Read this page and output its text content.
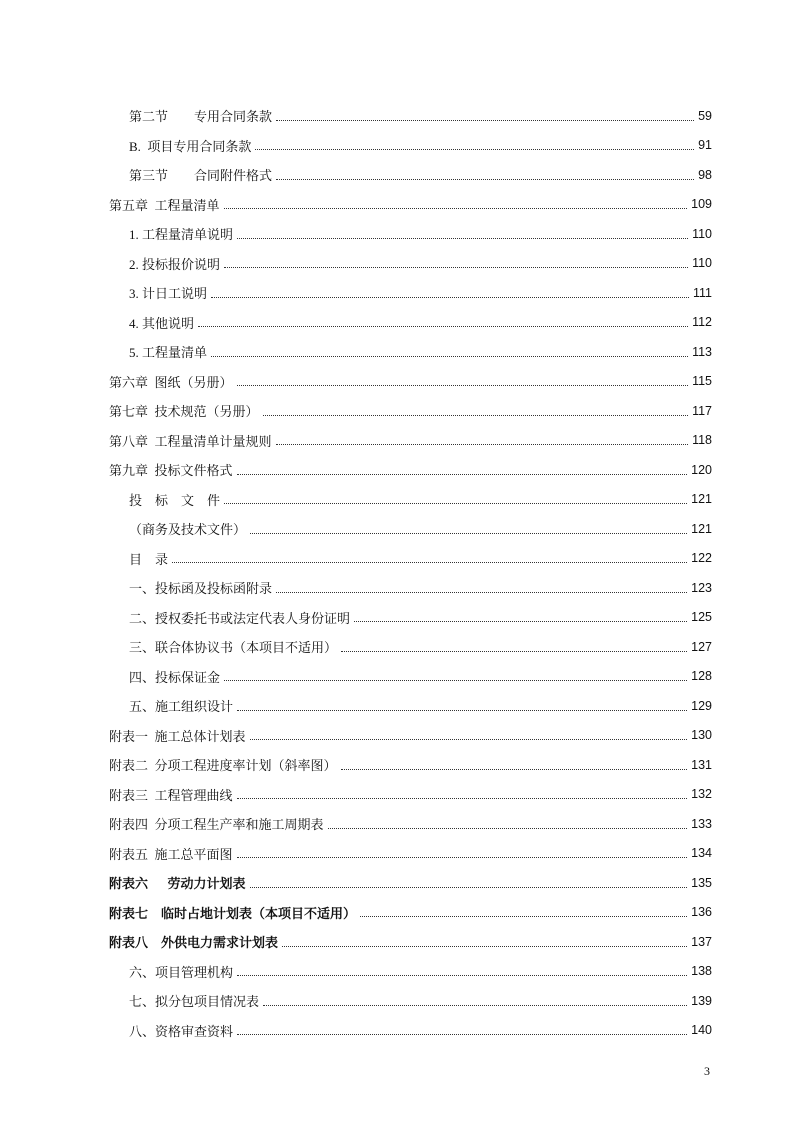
第二节        专用合同条款	59
B.  项目专用合同条款	91
第三节        合同附件格式	98
第五章  工程量清单	109
1. 工程量清单说明	110
2. 投标报价说明	110
3. 计日工说明	111
4. 其他说明	112
5. 工程量清单	113
第六章  图纸（另册）	115
第七章  技术规范（另册）	117
第八章  工程量清单计量规则	118
第九章  投标文件格式	120
投    标    文    件	121
（商务及技术文件）	121
目    录	122
一、投标函及投标函附录	123
二、授权委托书或法定代表人身份证明	125
三、联合体协议书（本项目不适用）	127
四、投标保证金	128
五、施工组织设计	129
附表一  施工总体计划表	130
附表二  分项工程进度率计划（斜率图）	131
附表三  工程管理曲线	132
附表四  分项工程生产率和施工周期表	133
附表五  施工总平面图	134
附表六      劳动力计划表	135
附表七    临时占地计划表（本项目不适用）	136
附表八    外供电力需求计划表	137
六、项目管理机构	138
七、拟分包项目情况表	139
八、资格审查资料	140
3
